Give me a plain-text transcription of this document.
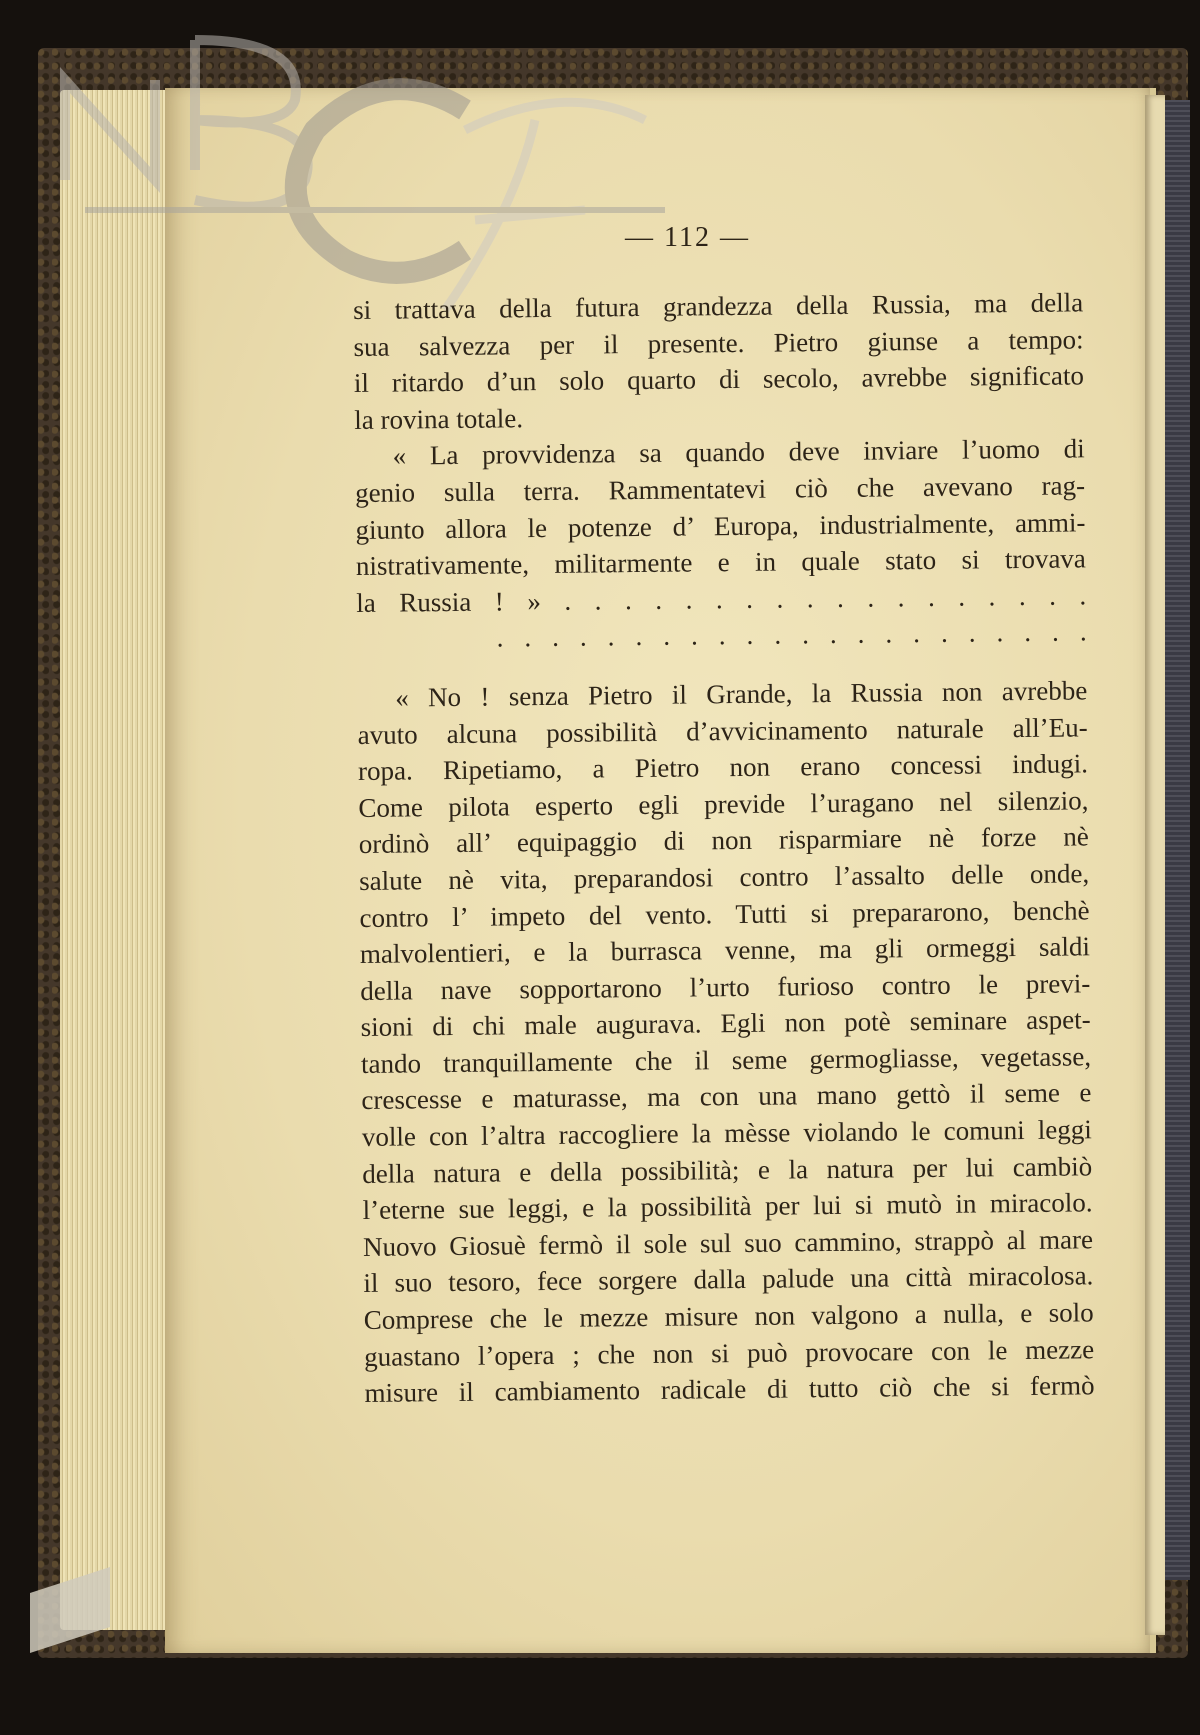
— 112 —
si trattava della futura grandezza della Russia, ma della
sua salvezza per il presente. Pietro giunse a tempo:
il ritardo d’un solo quarto di secolo, avrebbe significato
la rovina totale.
« La provvidenza sa quando deve inviare l’uomo di
genio sulla terra. Rammentatevi ciò che avevano rag-
giunto allora le potenze d’ Europa, industrialmente, ammi-
nistrativamente, militarmente e in quale stato si trovava
la Russia ! » . . . . . . . . . . . . . . . . . .
. . . . . . . . . . . . . . . . . . . . . .
« No ! senza Pietro il Grande, la Russia non avrebbe
avuto alcuna possibilità d’avvicinamento naturale all’Eu-
ropa. Ripetiamo, a Pietro non erano concessi indugi.
Come pilota esperto egli previde l’uragano nel silenzio,
ordinò all’ equipaggio di non risparmiare nè forze nè
salute nè vita, preparandosi contro l’assalto delle onde,
contro l’ impeto del vento. Tutti si prepararono, benchè
malvolentieri, e la burrasca venne, ma gli ormeggi saldi
della nave sopportarono l’urto furioso contro le previ-
sioni di chi male augurava. Egli non potè seminare aspet-
tando tranquillamente che il seme germogliasse, vegetasse,
crescesse e maturasse, ma con una mano gettò il seme e
volle con l’altra raccogliere la mèsse violando le comuni leggi
della natura e della possibilità; e la natura per lui cambiò
l’eterne sue leggi, e la possibilità per lui si mutò in miracolo.
Nuovo Giosuè fermò il sole sul suo cammino, strappò al mare
il suo tesoro, fece sorgere dalla palude una città miracolosa.
Comprese che le mezze misure non valgono a nulla, e solo
guastano l’opera ; che non si può provocare con le mezze
misure il cambiamento radicale di tutto ciò che si fermò
